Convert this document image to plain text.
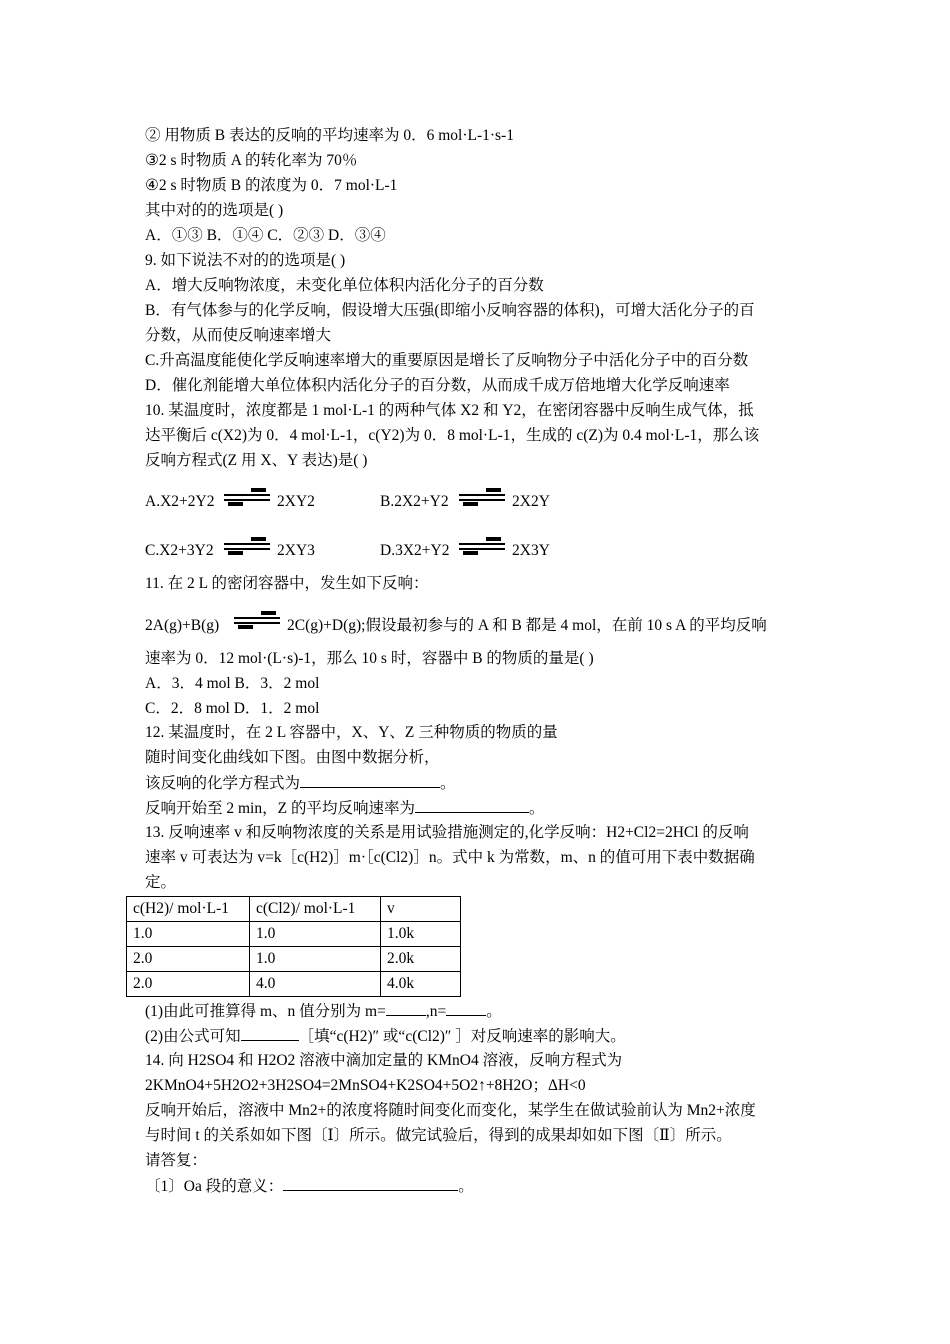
② 用物质 B 表达的反响的平均速率为 0．6 mol·L-1·s-1
③2 s 时物质 A 的转化率为 70％
④2 s 时物质 B 的浓度为 0．7 mol·L-1
其中对的的选项是( )
A．①③ B．①④ C．②③ D．③④
9. 如下说法不对的的选项是( )
A．增大反响物浓度，未变化单位体积内活化分子的百分数
B．有气体参与的化学反响，假设增大压强(即缩小反响容器的体积)，可增大活化分子的百
分数，从而使反响速率增大
C.升高温度能使化学反响速率增大的重要原因是增长了反响物分子中活化分子中的百分数
D．催化剂能增大单位体积内活化分子的百分数，从而成千成万倍地增大化学反响速率
10. 某温度时，浓度都是 1 mol·L-1 的两种气体 X2 和 Y2，在密闭容器中反响生成气体，抵
达平衡后 c(X2)为 0．4 mol·L-1，c(Y2)为 0．8 mol·L-1，生成的 c(Z)为 0.4 mol·L-1，那么该
反响方程式(Z 用 X、Y 表达)是( )
A.X2+2Y2 ⇌ 2XY2	B.2X2+Y2 ⇌ 2X2Y
C.X2+3Y2 ⇌ 2XY3	D.3X2+Y2 ⇌ 2X3Y
11. 在 2 L 的密闭容器中，发生如下反响：
2A(g)+B(g) ⇌ 2C(g)+D(g);假设最初参与的 A 和 B 都是 4 mol，在前 10 s A 的平均反响
速率为 0．12 mol·(L·s)-1，那么 10 s 时，容器中 B 的物质的量是( )
A．3．4 mol B．3．2 mol
C．2．8 mol D．1．2 mol
12. 某温度时，在 2 L 容器中，X、Y、Z 三种物质的物质的量
随时间变化曲线如下图。由图中数据分析，
该反响的化学方程式为	。
反响开始至 2 min，Z 的平均反响速率为	。
13. 反响速率 v 和反响物浓度的关系是用试验措施测定的,化学反响：H2+Cl2=2HCl 的反响
速率 v 可表达为 v=k［c(H2)］m·［c(Cl2)］n。式中 k 为常数，m、n 的值可用下表中数据确
定。
c(H2)/ mol·L-1	c(Cl2)/ mol·L-1	v
1.0	1.0	1.0k
2.0	1.0	2.0k
2.0	4.0	4.0k
(1)由此可推算得 m、n 值分别为 m=	,n=	。
(2)由公式可知	［填“c(H2)″ 或“c(Cl2)″ ］对反响速率的影响大。
14. 向 H2SO4 和 H2O2 溶液中滴加定量的 KMnO4 溶液，反响方程式为
2KMnO4+5H2O2+3H2SO4=2MnSO4+K2SO4+5O2↑+8H2O；ΔH<0
反响开始后，溶液中 Mn2+的浓度将随时间变化而变化，某学生在做试验前认为 Mn2+浓度
与时间 t 的关系如如下图〔Ⅰ〕所示。做完试验后，得到的成果却如如下图〔Ⅱ〕所示。
请答复：
〔1〕Oa 段的意义：	。
